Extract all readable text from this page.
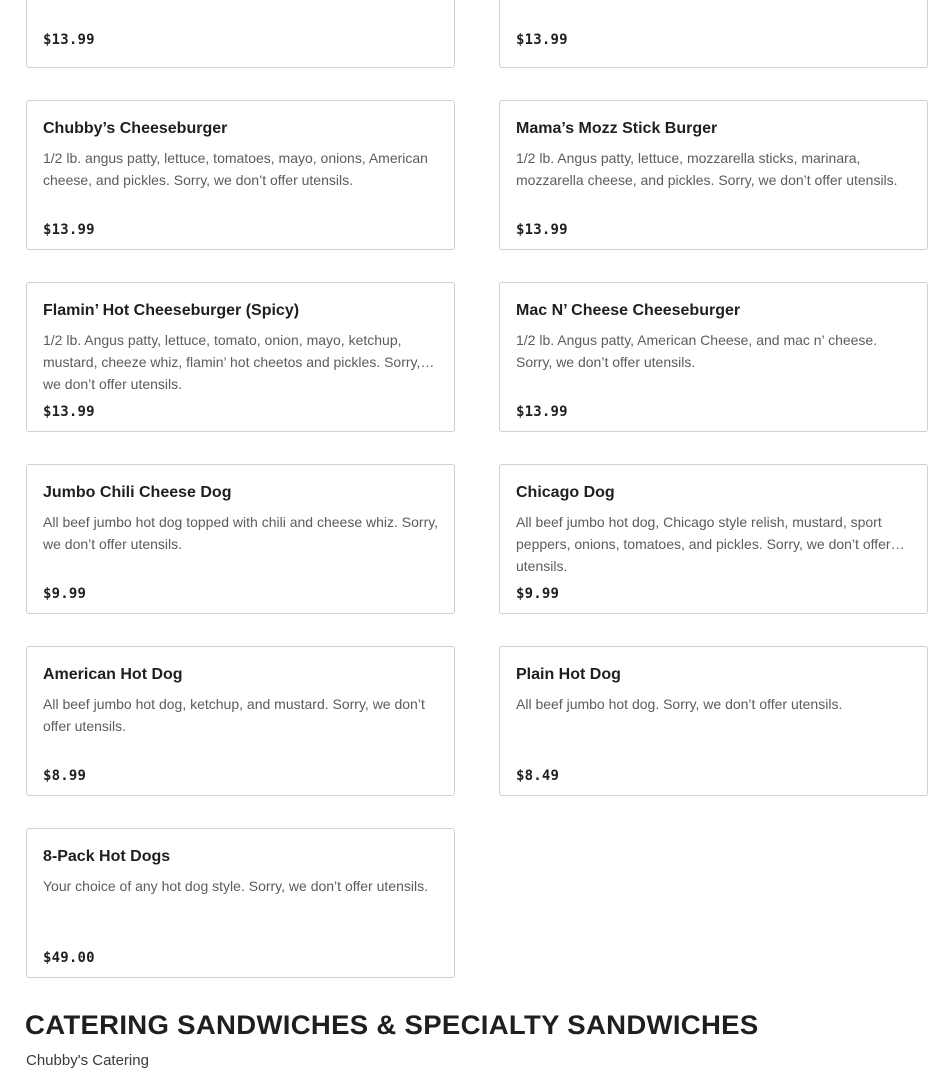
$13.99	$13.99
Chubby’s Cheeseburger
1/2 lb. angus patty, lettuce, tomatoes, mayo, onions, American cheese, and pickles. Sorry, we don’t offer utensils.
$13.99
Mama’s Mozz Stick Burger
1/2 lb. Angus patty, lettuce, mozzarella sticks, marinara, mozzarella cheese, and pickles. Sorry, we don’t offer utensils.
$13.99
Flamin’ Hot Cheeseburger (Spicy)
1/2 lb. Angus patty, lettuce, tomato, onion, mayo, ketchup, mustard, cheeze whiz, flamin’ hot cheetos and pickles. Sorry, we don’t offer utensils.
$13.99
Mac N’ Cheese Cheeseburger
1/2 lb. Angus patty, American Cheese, and mac n’ cheese. Sorry, we don’t offer utensils.
$13.99
Jumbo Chili Cheese Dog
All beef jumbo hot dog topped with chili and cheese whiz. Sorry, we don’t offer utensils.
$9.99
Chicago Dog
All beef jumbo hot dog, Chicago style relish, mustard, sport peppers, onions, tomatoes, and pickles. Sorry, we don’t offer utensils.
$9.99
American Hot Dog
All beef jumbo hot dog, ketchup, and mustard. Sorry, we don’t offer utensils.
$8.99
Plain Hot Dog
All beef jumbo hot dog. Sorry, we don’t offer utensils.
$8.49
8-Pack Hot Dogs
Your choice of any hot dog style. Sorry, we don’t offer utensils.
$49.00
CATERING SANDWICHES & SPECIALTY SANDWICHES
Chubby's Catering
